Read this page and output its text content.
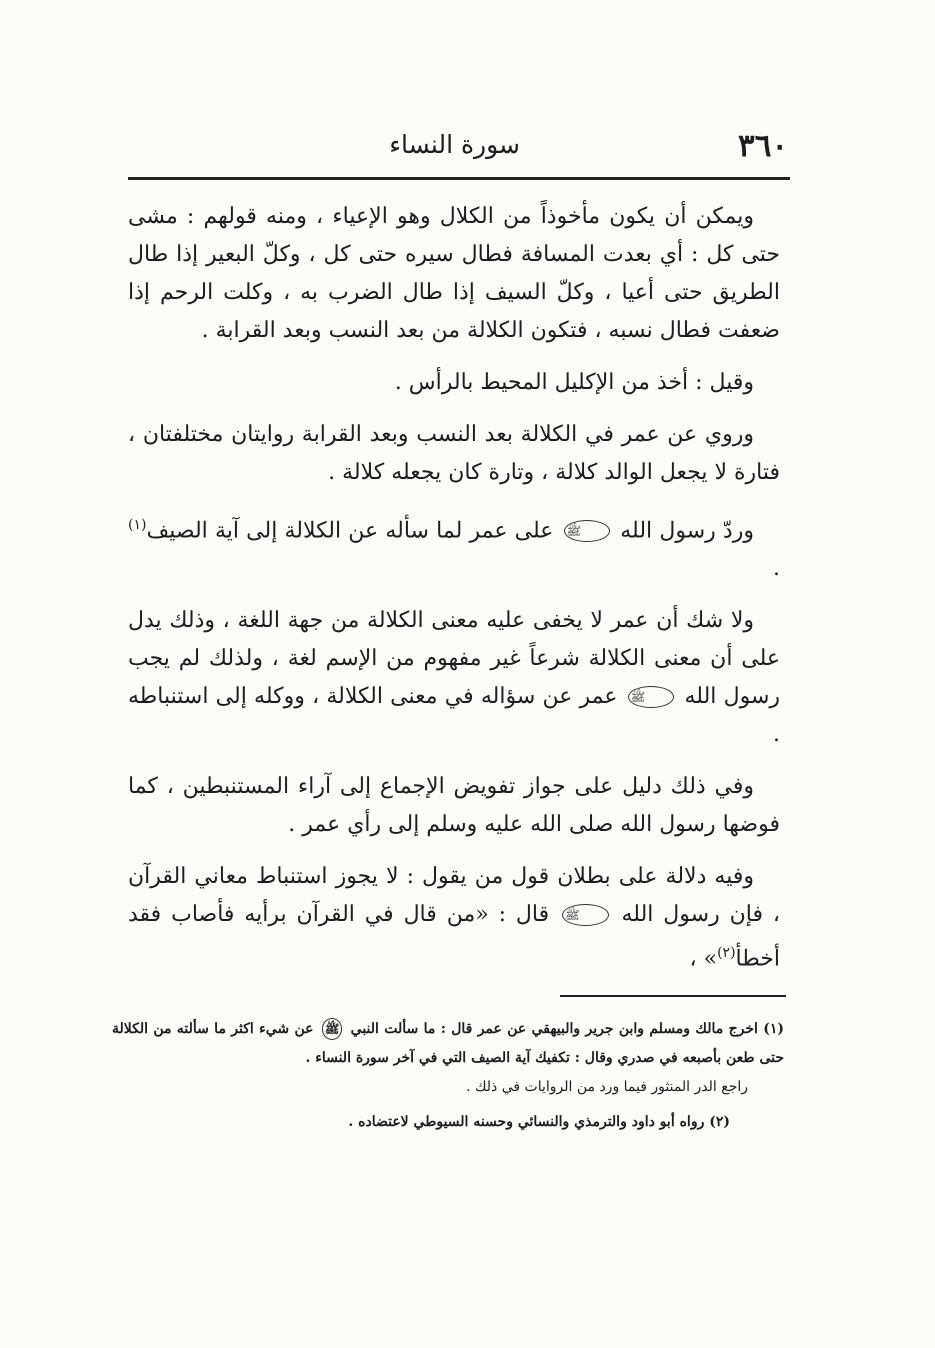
٣٦٠
سورة النساء

ويمكن أن يكون مأخوذاً من الكلال وهو الإعياء ، ومنه قولهم : مشى حتى كل : أي بعدت المسافة فطال سيره حتى كل ، وكلّ البعير إذا طال الطريق حتى أعيا ، وكلّ السيف إذا طال الضرب به ، وكلت الرحم إذا ضعفت فطال نسبه ، فتكون الكلالة من بعد النسب وبعد القرابة .

وقيل : أخذ من الإكليل المحيط بالرأس .

وروي عن عمر في الكلالة بعد النسب وبعد القرابة روايتان مختلفتان ، فتارة لا يجعل الوالد كلالة ، وتارة كان يجعله كلالة .

وردّ رسول الله ﷺ على عمر لما سأله عن الكلالة إلى آية الصيف$^{(١)}$ .

ولا شك أن عمر لا يخفى عليه معنى الكلالة من جهة اللغة ، وذلك يدل على أن معنى الكلالة شرعاً غير مفهوم من الإسم لغة ، ولذلك لم يجب رسول الله ﷺ عمر عن سؤاله في معنى الكلالة ، ووكله إلى استنباطه .

وفي ذلك دليل على جواز تفويض الإجماع إلى آراء المستنبطين ، كما فوضها رسول الله صلى الله عليه وسلم إلى رأي عمر .

وفيه دلالة على بطلان قول من يقول : لا يجوز استنباط معاني القرآن ، فإن رسول الله ﷺ قال : «من قال في القرآن برأيه فأصاب فقد أخطأ$^{(٢)}$» ،

(١) اخرج مالك ومسلم وابن جرير والبيهقي عن عمر قال : ما سألت النبي ﷺ عن شيء اكثر ما سألته من الكلالة حتى طعن بأصبعه في صدري وقال : تكفيك آية الصيف التي في آخر سورة النساء .

راجع الدر المنثور فيما ورد من الروايات في ذلك .

(٢) رواه أبو داود والترمذي والنسائي وحسنه السيوطي لاعتضاده .
